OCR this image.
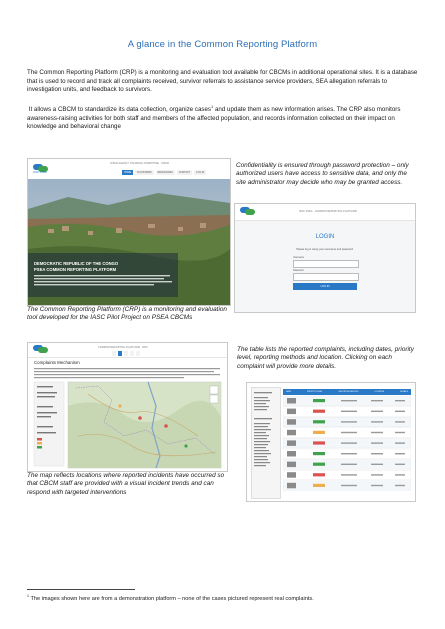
A glance in the Common Reporting Platform
The Common Reporting Platform (CRP) is a monitoring and evaluation tool available for CBCMs in additional operational sites. It is a database that is used to record and track all complaints received, survivor referrals to assistance service providers, SEA allegation referrals to investigation units, and feedback to survivors.
It allows a CBCM to standardize its data collection, organize cases$^1$ and update them as new information arises. The CRP also monitors awareness-raising activities for both staff and members of the affected population, and records information collected on their impact on knowledge and behavioral change
IASC PSEA
INTER-AGENCY STANDING COMMITTEE · CBCM
HOME	PLATFORMS	RESOURCES	CONTACT	LOG IN
DEMOCRATIC REPUBLIC OF THE CONGO
PSEA COMMON REPORTING PLATFORM
Confidentiality is ensured through password protection – only authorized users have access to sensitive data, and only the site administrator may decide who may be granted access.
IASC PSEA · COMMON REPORTING PLATFORM
LOGIN
Please log in using your username and password.
Username
Password
LOG IN
The Common Reporting Platform (CRP) is a monitoring and evaluation tool developed for the IASC Pilot Project on PSEA CBCMs
COMMON REPORTING PLATFORM · DRC
Complaints Mechanism
The table lists the reported complaints, including dates, priority level, reporting methods and location. Clicking on each complaint will provide more details.
DATE	PRIORITY LEVEL	REPORTING METHOD	LOCATION	DETAILS
The map reflects locations where reported incidents have occurred so that CBCM staff are provided with a visual incident trends and can respond with targeted interventions
$^1$ The images shown here are from a demonstration platform – none of the cases pictured represent real complaints.
